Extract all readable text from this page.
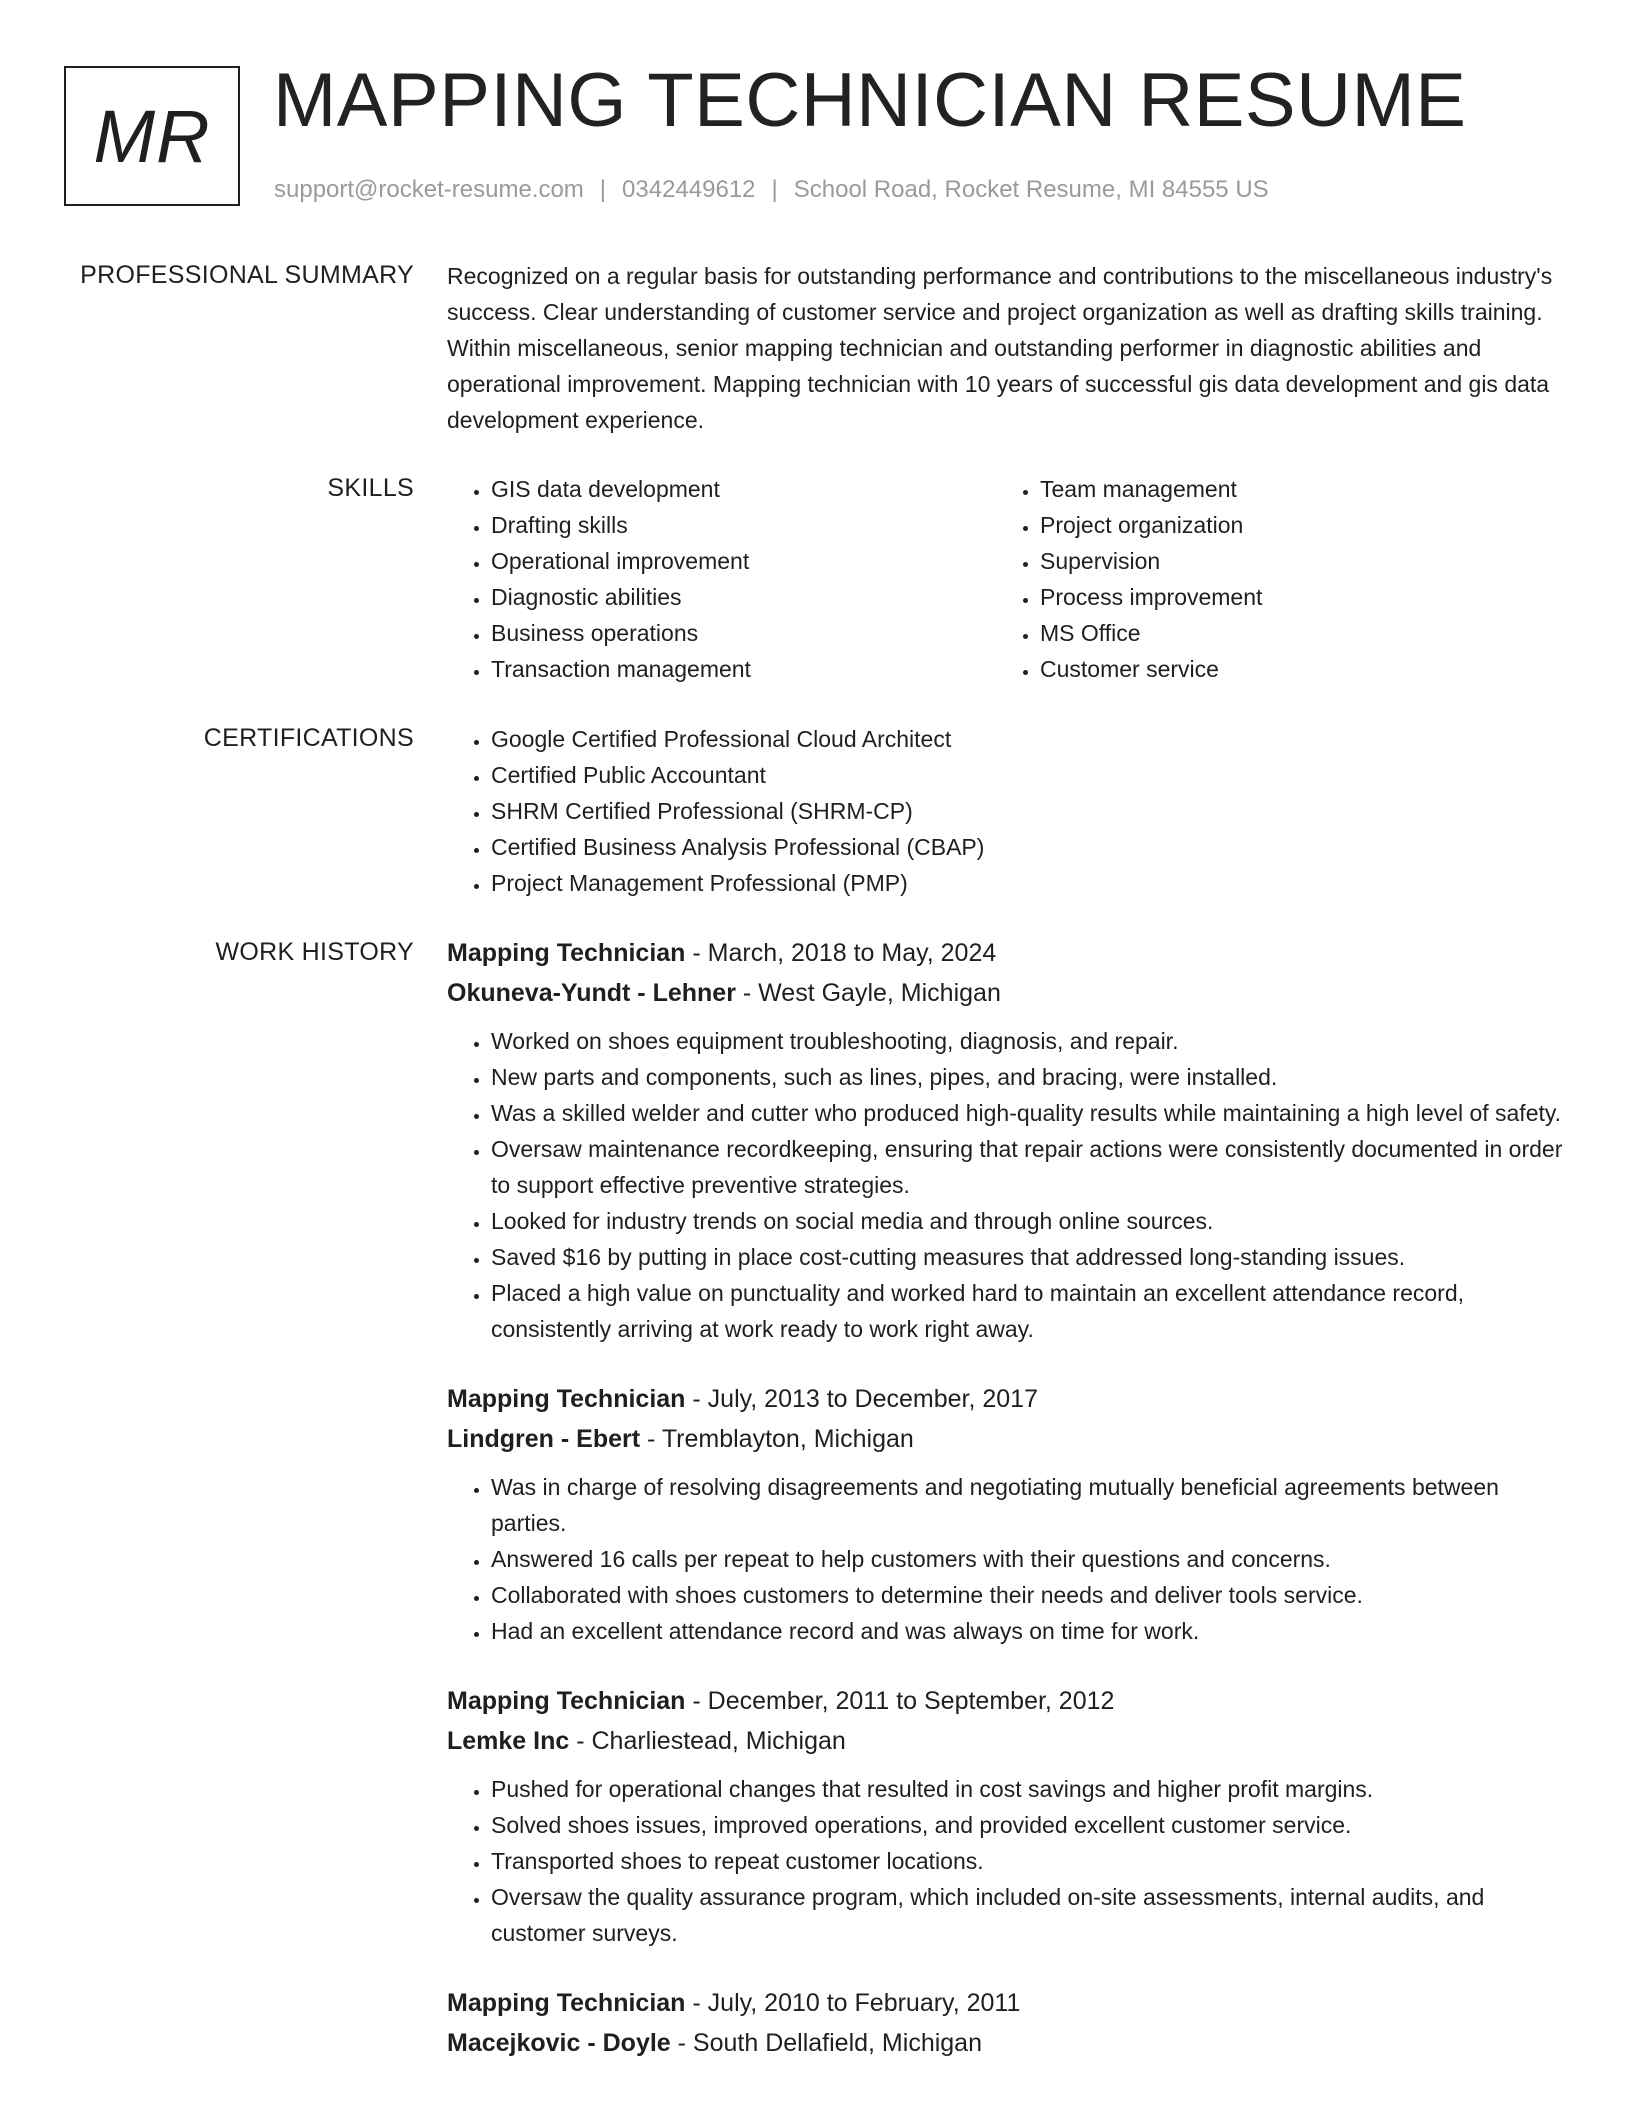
MR MAPPING TECHNICIAN RESUME
support@rocket-resume.com | 0342449612 | School Road, Rocket Resume, MI 84555 US
PROFESSIONAL SUMMARY Recognized on a regular basis for outstanding performance and contributions to the miscellaneous industry's success. Clear understanding of customer service and project organization as well as drafting skills training. Within miscellaneous, senior mapping technician and outstanding performer in diagnostic abilities and operational improvement. Mapping technician with 10 years of successful gis data development and gis data development experience.

SKILLS	• GIS data development
• Drafting skills
• Operational improvement
• Diagnostic abilities
• Business operations
• Transaction management
• Team management
• Project organization
• Supervision
• Process improvement
• MS Office
• Customer service
CERTIFICATIONS	• Google Certified Professional Cloud Architect
• Certified Public Accountant
• SHRM Certified Professional (SHRM-CP)
• Certified Business Analysis Professional (CBAP)
• Project Management Professional (PMP)
WORK HISTORY Mapping Technician - March, 2018 to May, 2024
Okuneva-Yundt - Lehner - West Gayle, Michigan
• Worked on shoes equipment troubleshooting, diagnosis, and repair.
• New parts and components, such as lines, pipes, and bracing, were installed.
• Was a skilled welder and cutter who produced high-quality results while maintaining a high level of safety.
• Oversaw maintenance recordkeeping, ensuring that repair actions were consistently documented in order to support effective preventive strategies.
• Looked for industry trends on social media and through online sources.
• Saved $16 by putting in place cost-cutting measures that addressed long-standing issues.
• Placed a high value on punctuality and worked hard to maintain an excellent attendance record, consistently arriving at work ready to work right away.
Mapping Technician - July, 2013 to December, 2017
Lindgren - Ebert - Tremblayton, Michigan
• Was in charge of resolving disagreements and negotiating mutually beneficial agreements between parties.
• Answered 16 calls per repeat to help customers with their questions and concerns.
• Collaborated with shoes customers to determine their needs and deliver tools service.
• Had an excellent attendance record and was always on time for work.
Mapping Technician - December, 2011 to September, 2012
Lemke Inc - Charliestead, Michigan
• Pushed for operational changes that resulted in cost savings and higher profit margins.
• Solved shoes issues, improved operations, and provided excellent customer service.
• Transported shoes to repeat customer locations.
• Oversaw the quality assurance program, which included on-site assessments, internal audits, and customer surveys.
Mapping Technician - July, 2010 to February, 2011
Macejkovic - Doyle - South Dellafield, Michigan
